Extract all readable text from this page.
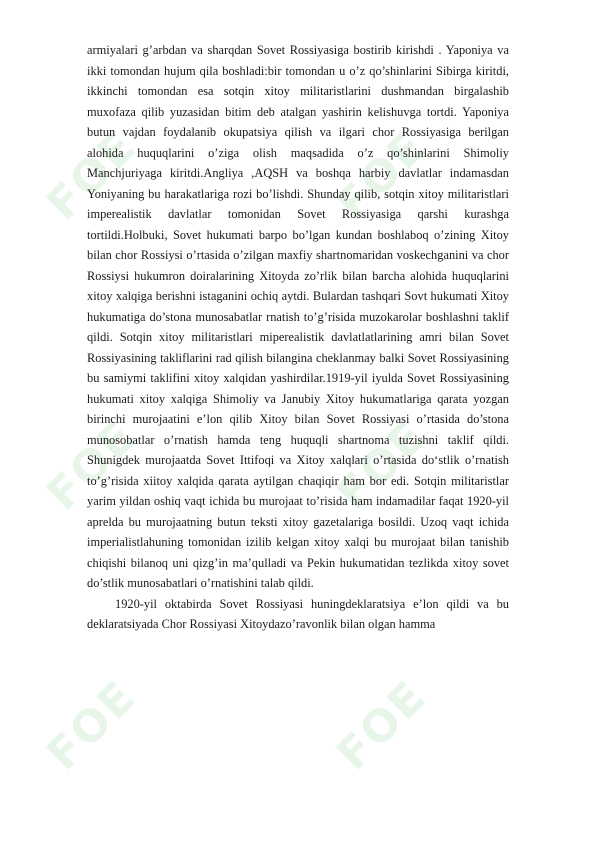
FOE	FOE
FOE	FOE
FOE	FOE

armiyalari g’arbdan va sharqdan Sovet Rossiyasiga bostirib kirishdi . Yaponiya va ikki tomondan hujum qila boshladi:bir tomondan u o’z qo’shinlarini Sibirga kiritdi, ikkinchi tomondan esa sotqin xitoy militaristlarini dushmandan birgalashib muxofaza qilib yuzasidan bitim deb atalgan yashirin kelishuvga tortdi. Yaponiya butun vajdan foydalanib okupatsiya qilish va ilgari chor Rossiyasiga berilgan alohida huquqlarini o’ziga olish maqsadida o’z qo’shinlarini Shimoliy Manchjuriyaga kiritdi.Angliya ,AQSH va boshqa harbiy davlatlar indamasdan Yoniyaning bu harakatlariga rozi bo’lishdi. Shunday qilib, sotqin xitoy militaristlari imperealistik davlatlar tomonidan Sovet Rossiyasiga qarshi kurashga tortildi.Holbuki, Sovet hukumati barpo bo’lgan kundan boshlaboq o’zining Xitoy bilan chor Rossiysi o’rtasida o’zilgan maxfiy shartnomaridan voskechganini va chor Rossiysi hukumron doiralarining Xitoyda zo’rlik bilan barcha alohida huquqlarini xitoy xalqiga berishni istaganini ochiq aytdi. Bulardan tashqari Sovt hukumati Xitoy hukumatiga do’stona munosabatlar rnatish to’g’risida muzokarolar boshlashni taklif qildi. Sotqin xitoy militaristlari miperealistik davlatlatlarining amri bilan Sovet Rossiyasining takliflarini rad qilish bilangina cheklanmay balki Sovet Rossiyasining bu samiymi taklifini xitoy xalqidan yashirdilar.1919-yil iyulda Sovet Rossiyasining hukumati xitoy xalqiga Shimoliy va Janubiy Xitoy hukumatlariga qarata yozgan birinchi murojaatini e’lon qilib Xitoy bilan Sovet Rossiyasi o’rtasida do’stona munosobatlar o’rnatish hamda teng huquqli shartnoma tuzishni taklif qildi. Shunigdek murojaatda Sovet Ittifoqi va Xitoy xalqlari o’rtasida do‘stlik o’rnatish to’g’risida xiitoy xalqida qarata aytilgan chaqiqir ham bor edi. Sotqin militaristlar yarim yildan oshiq vaqt ichida bu murojaat to’risida ham indamadilar faqat 1920-yil aprelda bu murojaatning butun teksti xitoy gazetalariga bosildi. Uzoq vaqt ichida imperialistlahuning tomonidan izilib kelgan xitoy xalqi bu murojaat bilan tanishib chiqishi bilanoq uni qizg’in ma’qulladi va Pekin hukumatidan tezlikda xitoy sovet do’stlik munosabatlari o’rnatishini talab qildi.

1920-yil oktabirda Sovet Rossiyasi huningdeklaratsiya e’lon qildi va bu deklaratsiyada Chor Rossiyasi Xitoydazo’ravonlik bilan olgan hamma
